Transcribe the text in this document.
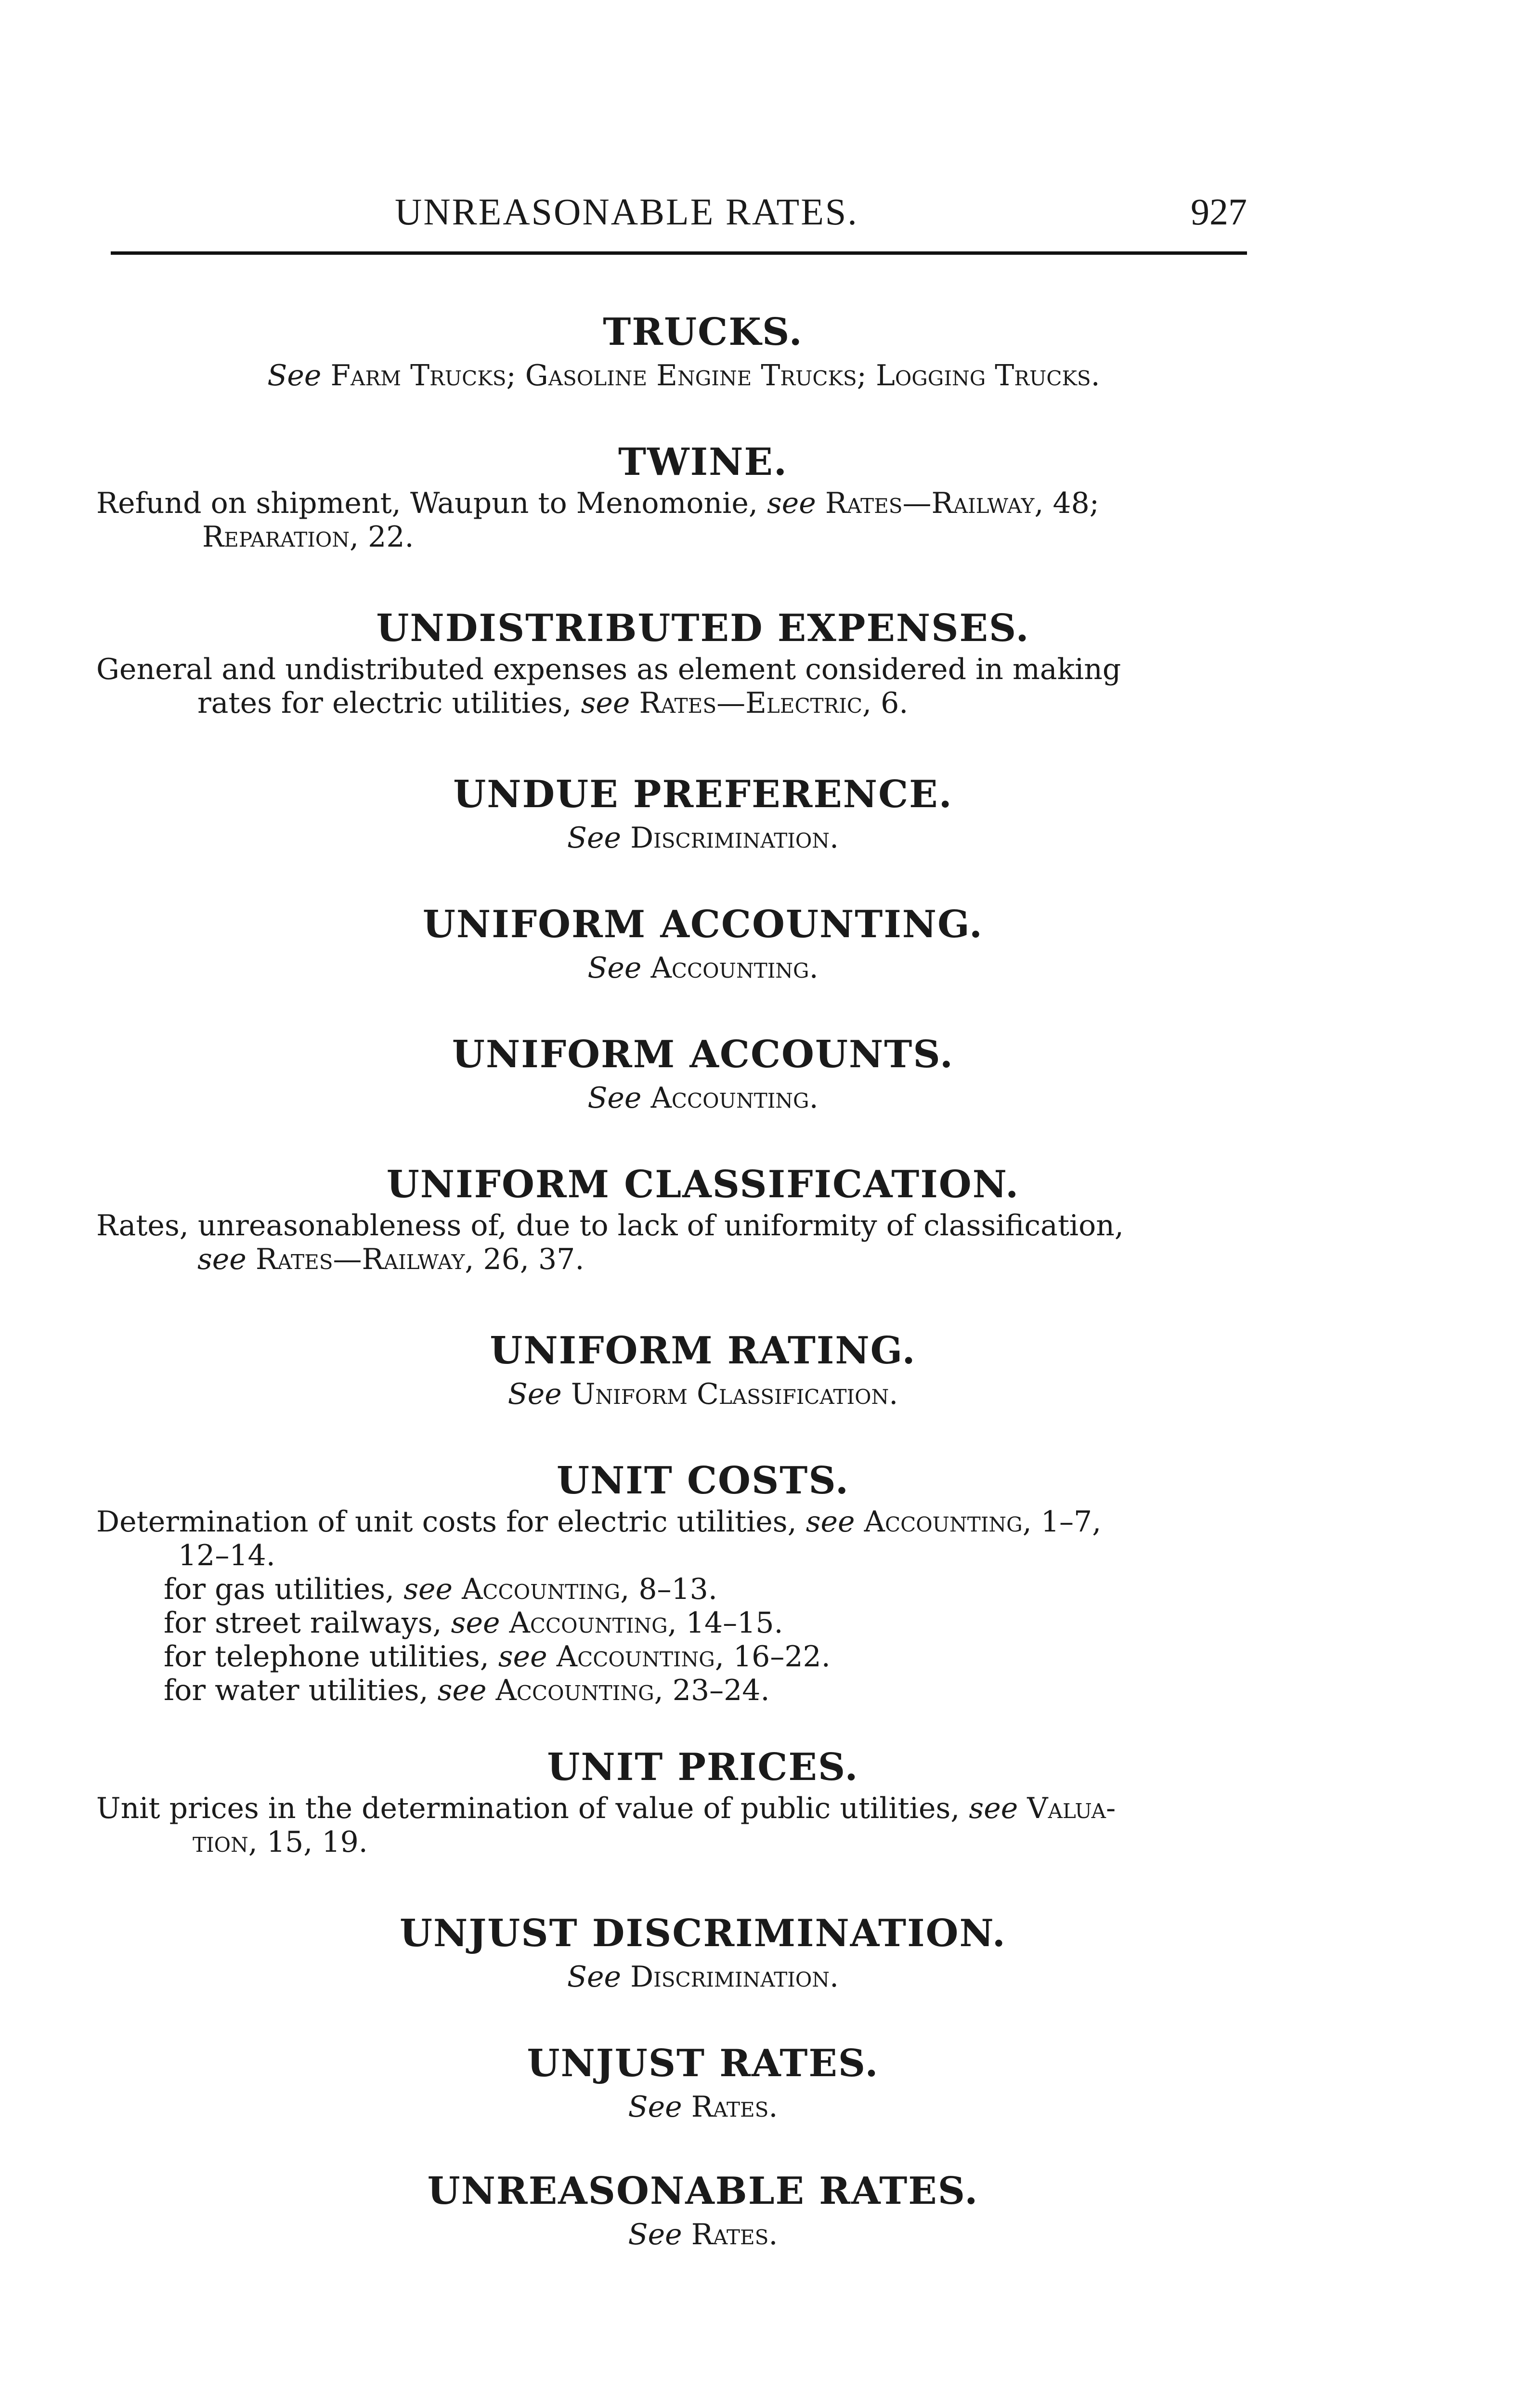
UNREASONABLE RATES.	927
TRUCKS.
See Farm Trucks; Gasoline Engine Trucks; Logging Trucks.
TWINE.
Refund on shipment, Waupun to Menomonie, see Rates—Railway, 48;
Reparation, 22.
UNDISTRIBUTED EXPENSES.
General and undistributed expenses as element considered in making
rates for electric utilities, see Rates—Electric, 6.
UNDUE PREFERENCE.
See Discrimination.
UNIFORM ACCOUNTING.
See Accounting.
UNIFORM ACCOUNTS.
See Accounting.
UNIFORM CLASSIFICATION.
Rates, unreasonableness of, due to lack of uniformity of classification,
see Rates—Railway, 26, 37.
UNIFORM RATING.
See Uniform Classification.
UNIT COSTS.
Determination of unit costs for electric utilities, see Accounting, 1–7,
12–14.
for gas utilities, see Accounting, 8–13.
for street railways, see Accounting, 14–15.
for telephone utilities, see Accounting, 16–22.
for water utilities, see Accounting, 23–24.
UNIT PRICES.
Unit prices in the determination of value of public utilities, see Valua-
tion, 15, 19.
UNJUST DISCRIMINATION.
See Discrimination.
UNJUST RATES.
See Rates.
UNREASONABLE RATES.
See Rates.
